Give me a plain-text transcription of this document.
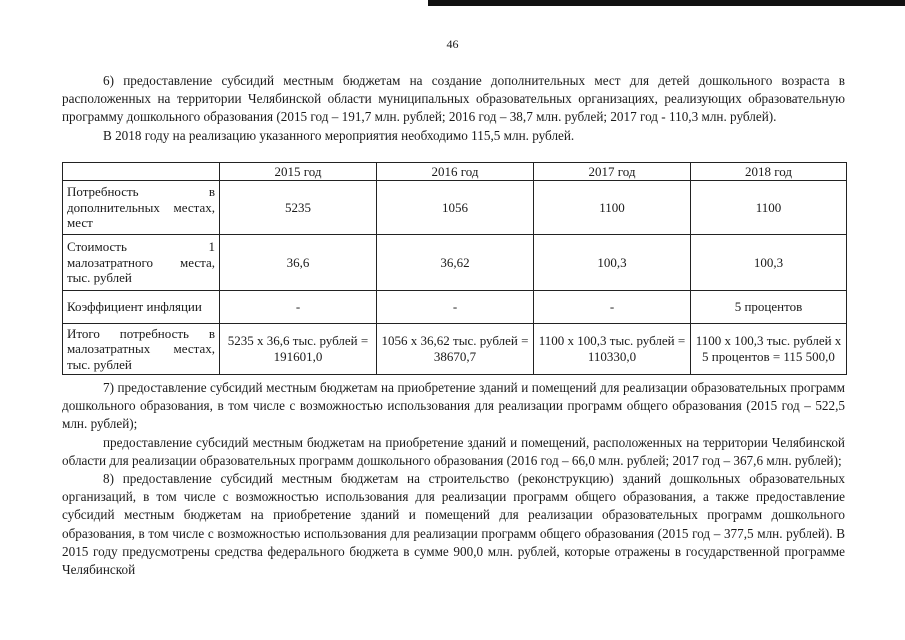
46

6) предоставление субсидий местным бюджетам на создание дополнительных мест для детей дошкольного возраста в расположенных на территории Челябинской области муниципальных образовательных организациях, реализующих образовательную программу дошкольного образования (2015 год – 191,7 млн. рублей; 2016 год – 38,7 млн. рублей; 2017 год - 110,3 млн. рублей).

В 2018 году на реализацию указанного мероприятия необходимо 115,5 млн. рублей.

	2015 год	2016 год	2017 год	2018 год
Потребность в дополнительных местах, мест	5235	1056	1100	1100
Стоимость 1 малозатратного места, тыс. рублей	36,6	36,62	100,3	100,3
Коэффициент инфляции	-	-	-	5 процентов
Итого потребность в малозатратных местах, тыс. рублей	5235 х 36,6 тыс. рублей = 191601,0	1056 х 36,62 тыс. рублей = 38670,7	1100 х 100,3 тыс. рублей = 110330,0	1100 х 100,3 тыс. рублей х 5 процентов = 115 500,0

7) предоставление субсидий местным бюджетам на приобретение зданий и помещений для реализации образовательных программ дошкольного образования, в том числе с возможностью использования для реализации программ общего образования (2015 год – 522,5 млн. рублей);

предоставление субсидий местным бюджетам на приобретение зданий и помещений, расположенных на территории Челябинской области для реализации образовательных программ дошкольного образования (2016 год – 66,0 млн. рублей; 2017 год – 367,6 млн. рублей);

8) предоставление субсидий местным бюджетам на строительство (реконструкцию) зданий дошкольных образовательных организаций, в том числе с возможностью использования для реализации программ общего образования, а также предоставление субсидий местным бюджетам на приобретение зданий и помещений для реализации образовательных программ дошкольного образования, в том числе с возможностью использования для реализации программ общего образования (2015 год – 377,5 млн. рублей). В 2015 году предусмотрены средства федерального бюджета в сумме 900,0 млн. рублей, которые отражены в государственной программе Челябинской
